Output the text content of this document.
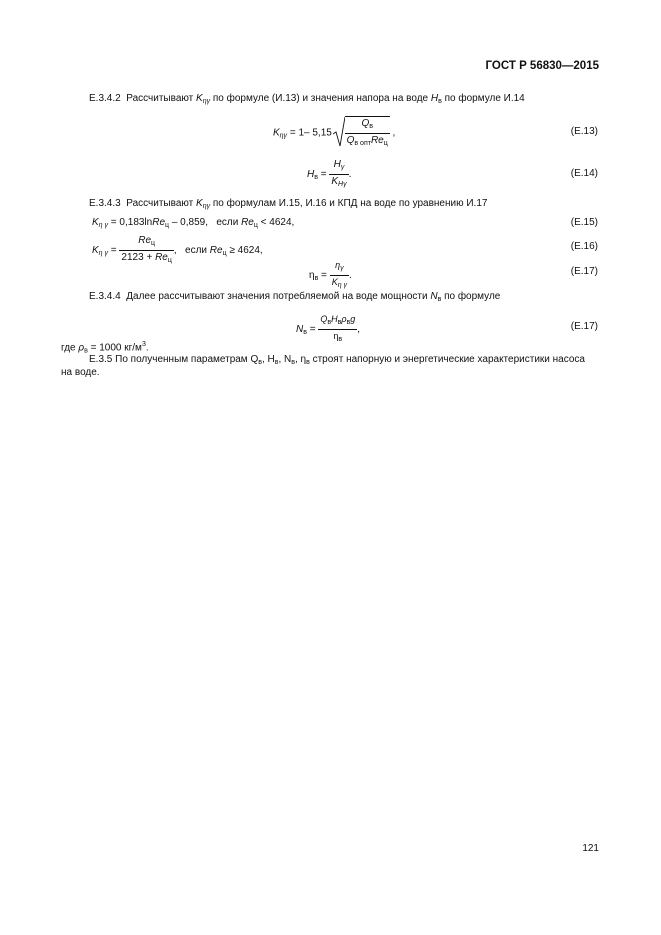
ГОСТ Р 56830—2015
Е.3.4.2 Рассчитывают $K_{\eta\gamma}$ по формуле (И.13) и значения напора на воде $H_в$ по формуле И.14
$K_{\eta\gamma} = 1-$ $5,15 \frac{Q_в}{Q_{в опт}Re_ц}$ ,	(Е.13)
$H_в = \frac{H_\gamma}{K_{H\gamma}}$ .	(Е.14)
Е.3.4.3 Рассчитывают $K_{\eta\gamma}$ по формулам И.15, И.16 и КПД на воде по уравнению И.17
$K_{\eta \gamma}$ = 0,183lnRe$_ц$ – 0,859, если $Re_ц < 4624$,	(Е.15)
$K_{\eta \gamma} = \frac{Re_ц}{2123 + Re_ц}$ , если $Re_ц \ge 4624$,	(Е.16)
$\eta_в = \frac{\eta_\gamma}{K_{\eta \gamma}}$ .	(Е.17)
Е.3.4.4 Далее рассчитывают значения потребляемой на воде мощности $N_в$ по формуле
$N_в = \frac{Q_вH_в\rho_вg}{\eta_в}$ ,	(Е.17)
где $\rho_в = 1000$ $кг/м^3$.
Е.3.5 По полученным параметрам $Q_в$, $H_в$, $N_в$, $\eta_в$ строят напорную и энергетические характеристики насоса
на воде.
121
